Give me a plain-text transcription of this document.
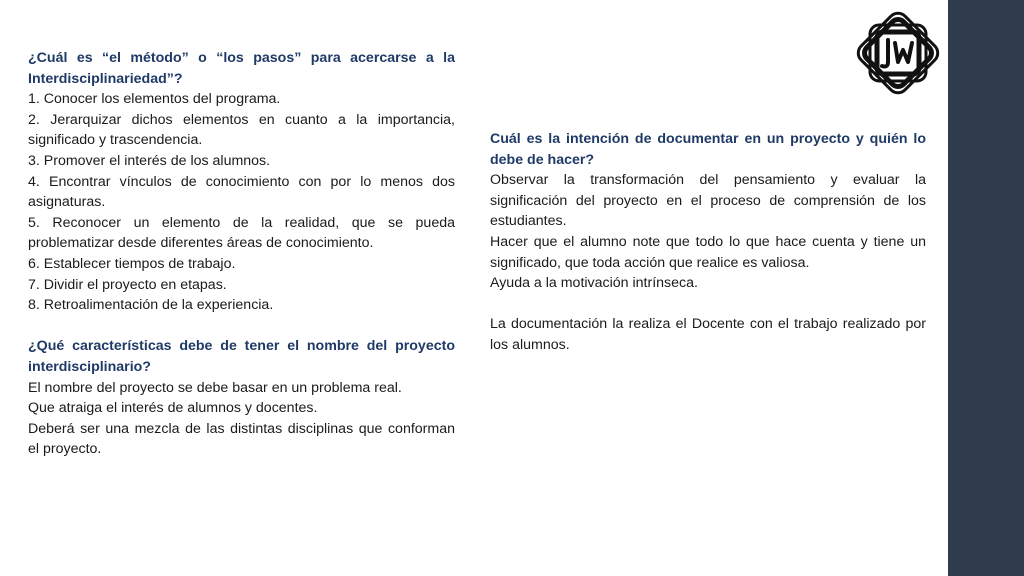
¿Cuál es “el método” o “los pasos” para acercarse a la Interdisciplinariedad”?

1. Conocer los elementos del programa.

2. Jerarquizar dichos elementos en cuanto a la importancia, significado y trascendencia.

3. Promover el interés de los alumnos.

4. Encontrar vínculos de conocimiento con por lo menos dos asignaturas.

5. Reconocer un elemento de la realidad, que se pueda problematizar desde diferentes áreas de conocimiento.

6. Establecer tiempos de trabajo.

7. Dividir el proyecto en etapas.

8. Retroalimentación de la experiencia.

¿Qué características debe de tener el nombre del proyecto interdisciplinario?

El nombre del proyecto se debe basar en un problema real.

Que atraiga el interés de alumnos y docentes.

Deberá ser una mezcla de las distintas disciplinas que conforman el proyecto.

Cuál es la intención de documentar en un proyecto y quién lo debe de hacer?

Observar la transformación del pensamiento y evaluar la significación del proyecto en el proceso de comprensión de los estudiantes.

Hacer que el alumno note que todo lo que hace cuenta y tiene un significado, que toda acción que realice es valiosa.

Ayuda a la motivación intrínseca.

La documentación la realiza el Docente con el trabajo realizado por los alumnos.
